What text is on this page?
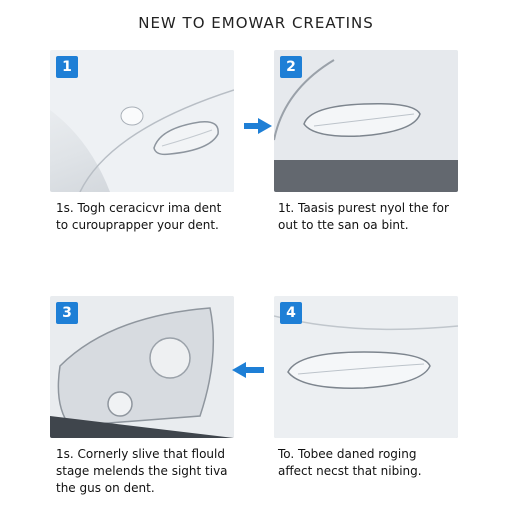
NEW TO EMOWAR CREATINS
1	2
3	4
1s. Togh ceracicvr ima dent
to curouprapper your dent.
1t. Taasis purest nyol the for
out to tte san oa bint.
1s. Cornerly slive that flould
stage melends the sight tiva
the gus on dent.
To. Tobee daned roging
affect necst that nibing.
